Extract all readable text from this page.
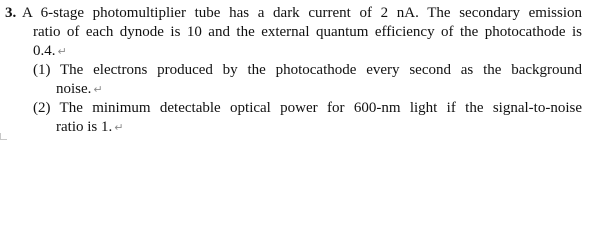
3. A 6-stage photomultiplier tube has a dark current of 2 nA. The secondary emission
ratio of each dynode is 10 and the external quantum efficiency of the photocathode is
0.4. ↵
(1) The electrons produced by the photocathode every second as the background
noise. ↵
(2) The minimum detectable optical power for 600-nm light if the signal-to-noise
ratio is 1. ↵
